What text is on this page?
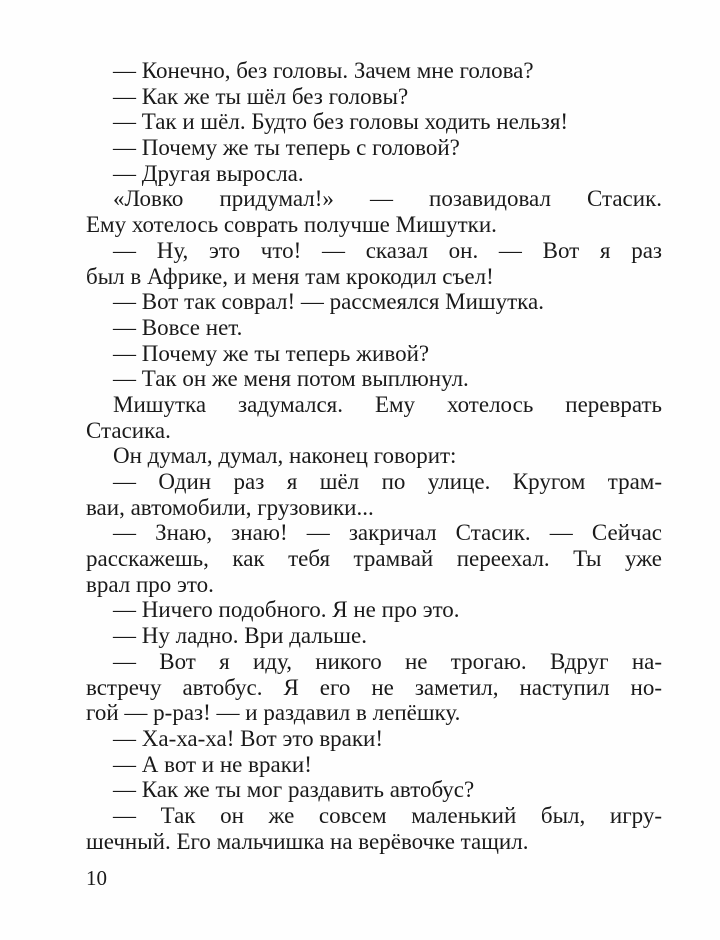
— Конечно, без головы. Зачем мне голова?
— Как же ты шёл без головы?
— Так и шёл. Будто без головы ходить нельзя!
— Почему же ты теперь с головой?
— Другая выросла.
«Ловко придумал!» — позавидовал Стасик.
Ему хотелось соврать получше Мишутки.
— Ну, это что! — сказал он. — Вот я раз
был в Африке, и меня там крокодил съел!
— Вот так соврал! — рассмеялся Мишутка.
— Вовсе нет.
— Почему же ты теперь живой?
— Так он же меня потом выплюнул.
Мишутка задумался. Ему хотелось переврать
Стасика.
Он думал, думал, наконец говорит:
— Один раз я шёл по улице. Кругом трам-
ваи, автомобили, грузовики...
— Знаю, знаю! — закричал Стасик. — Сейчас
расскажешь, как тебя трамвай переехал. Ты уже
врал про это.
— Ничего подобного. Я не про это.
— Ну ладно. Ври дальше.
— Вот я иду, никого не трогаю. Вдруг на-
встречу автобус. Я его не заметил, наступил но-
гой — р-раз! — и раздавил в лепёшку.
— Ха-ха-ха! Вот это враки!
— А вот и не враки!
— Как же ты мог раздавить автобус?
— Так он же совсем маленький был, игру-
шечный. Его мальчишка на верёвочке тащил.
10
